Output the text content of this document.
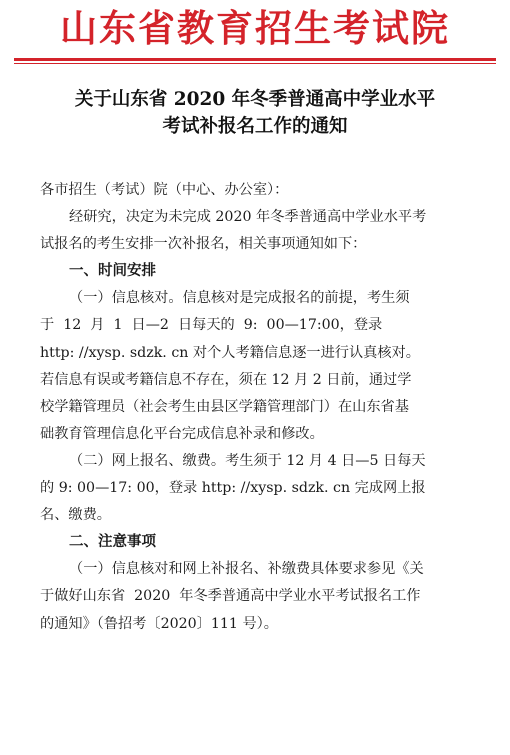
山东省教育招生考试院
关于山东省 2020 年冬季普通高中学业水平
考试补报名工作的通知
各市招生（考试）院（中心、办公室）：
经研究，决定为未完成 2020 年冬季普通高中学业水平考
试报名的考生安排一次补报名，相关事项通知如下：
一、时间安排
（一）信息核对。信息核对是完成报名的前提，考生须
于  12  月  1  日—2  日每天的  9:  00—17:00，登录
http: //xysp. sdzk. cn 对个人考籍信息逐一进行认真核对。
若信息有误或考籍信息不存在，须在 12 月 2 日前，通过学
校学籍管理员（社会考生由县区学籍管理部门）在山东省基
础教育管理信息化平台完成信息补录和修改。
（二）网上报名、缴费。考生须于 12 月 4 日—5 日每天
的 9: 00—17: 00，登录 http: //xysp. sdzk. cn 完成网上报
名、缴费。
二、注意事项
（一）信息核对和网上补报名、补缴费具体要求参见《关
于做好山东省  2020  年冬季普通高中学业水平考试报名工作
的通知》（鲁招考〔2020〕111 号）。
